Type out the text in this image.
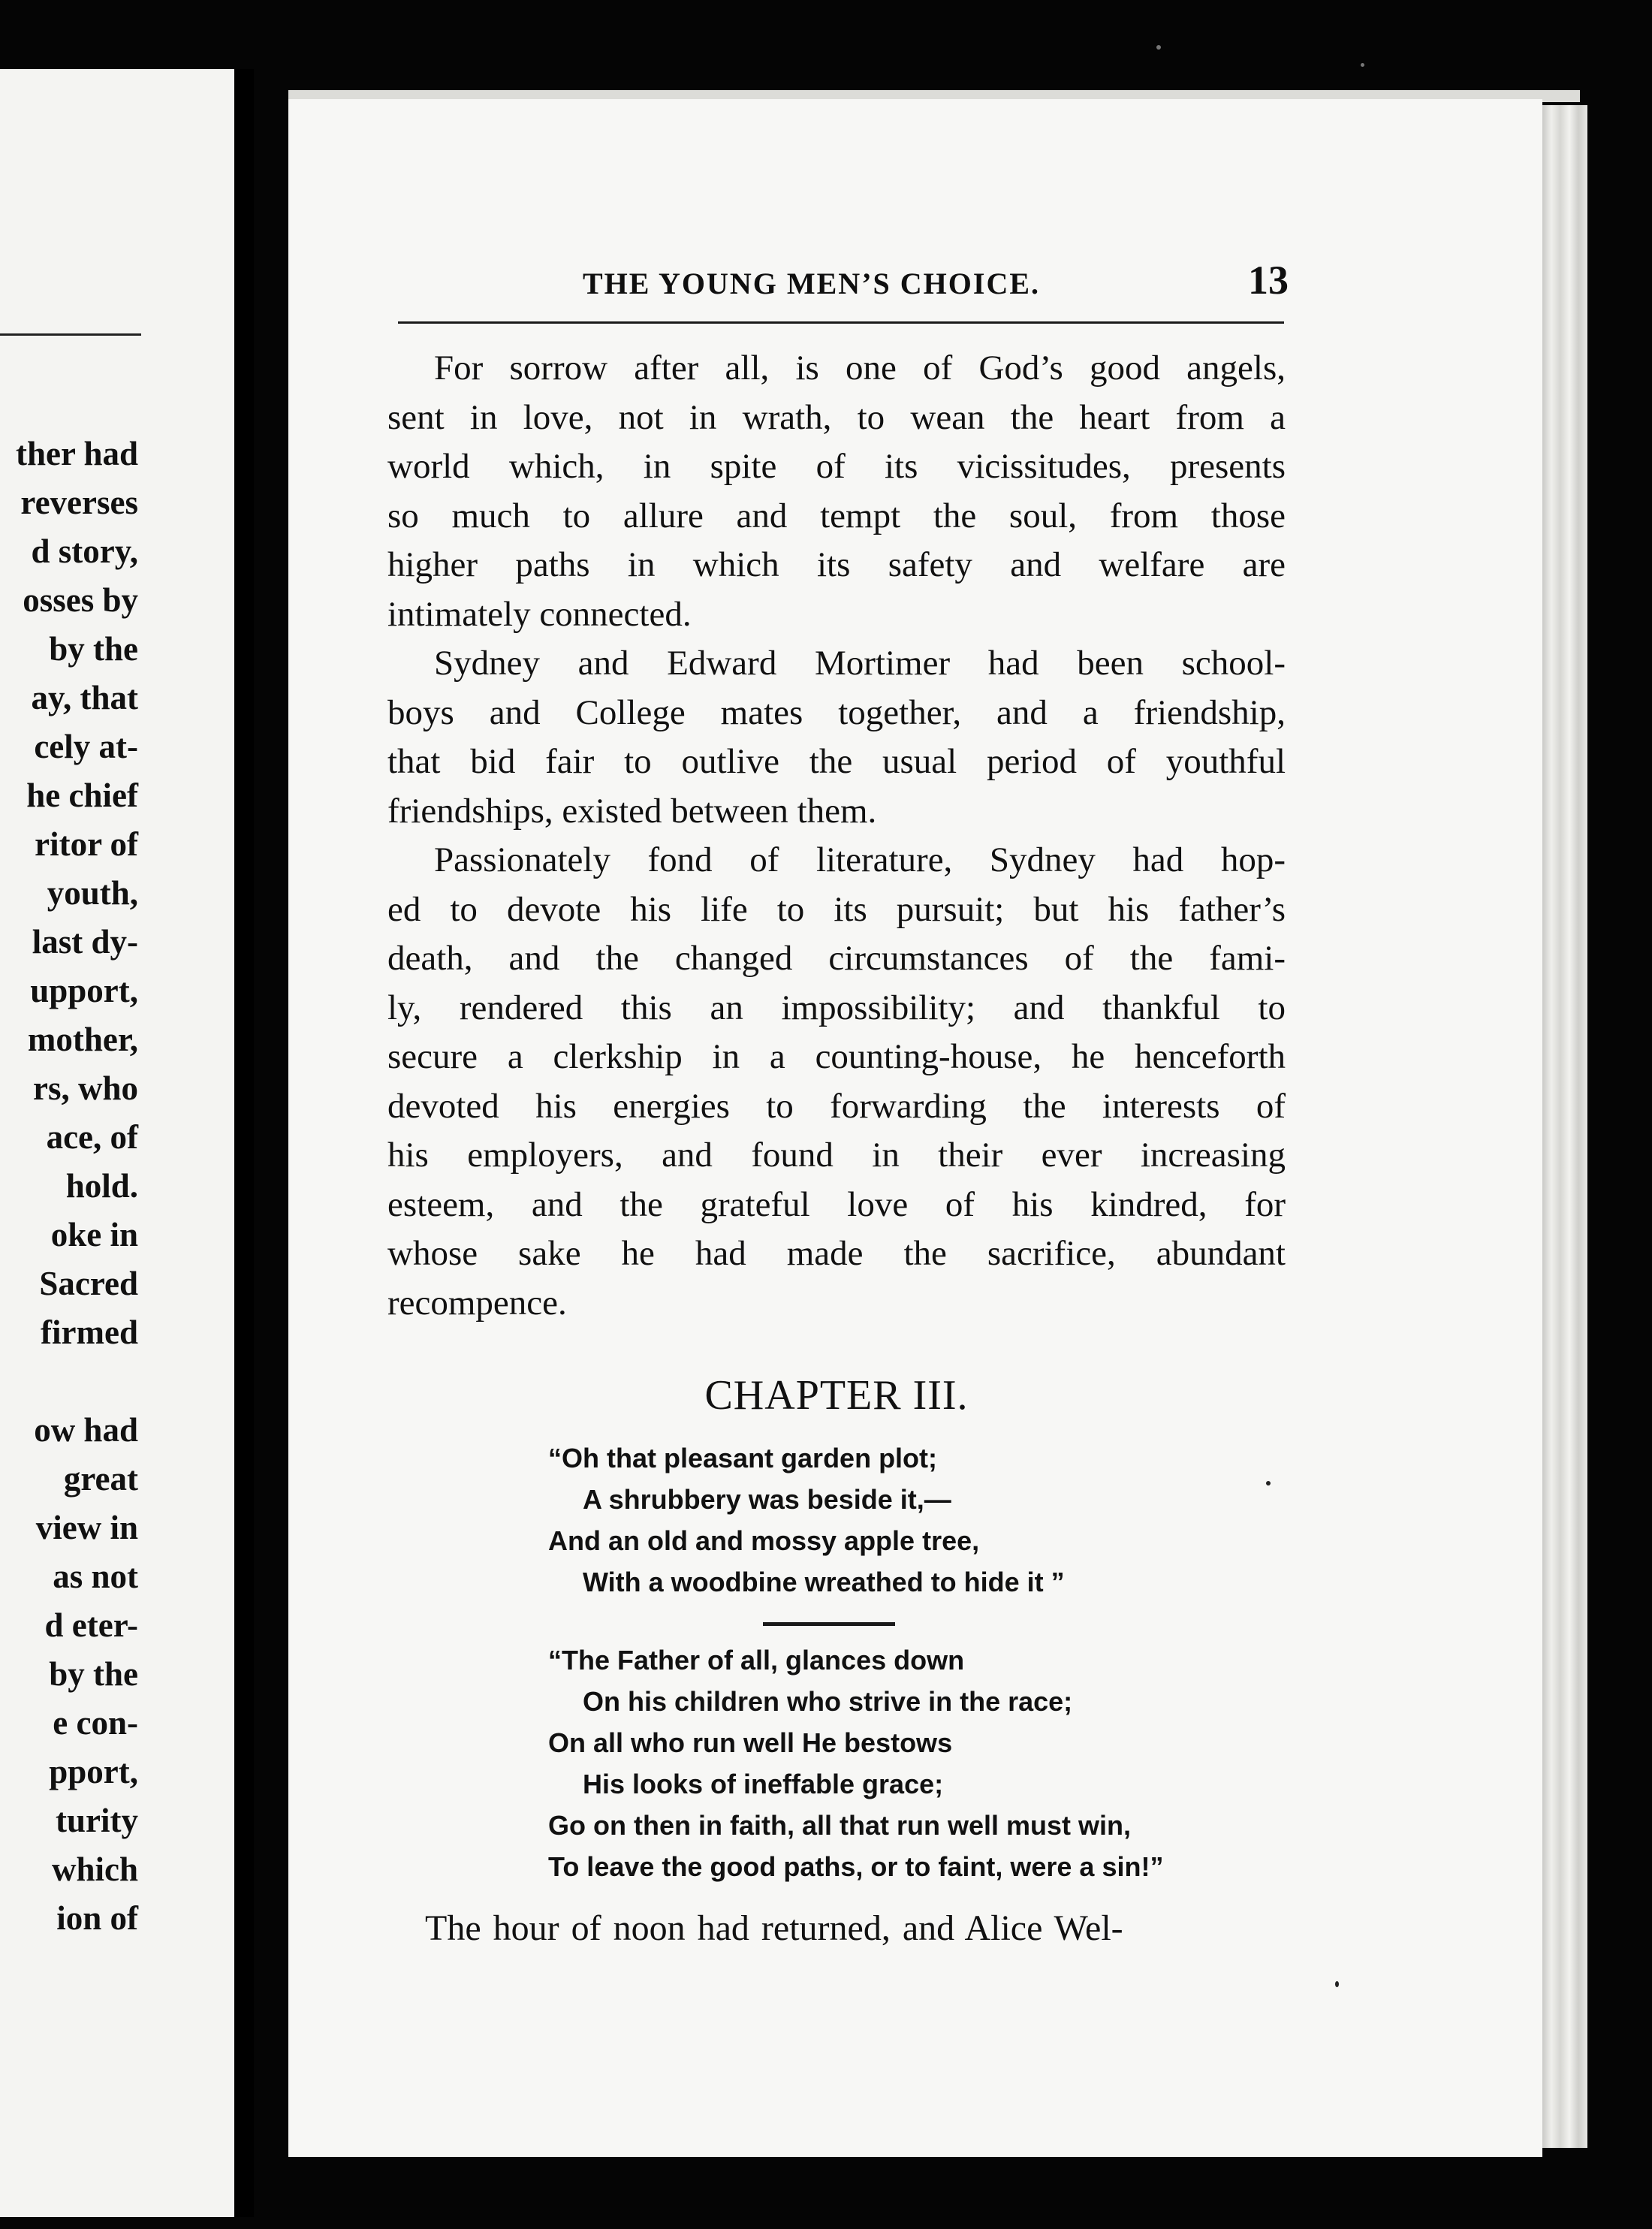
ther had
reverses
d story,
osses by
by the
ay, that
cely at-
he chief
ritor of
youth,
last dy-
upport,
mother,
rs, who
ace, of
hold.
oke in
Sacred
firmed
ow had
great
view in
as not
d eter-
by the
e con-
pport,
turity
which
ion of
THE YOUNG MEN’S CHOICE.	13

For sorrow after all, is one of God’s good angels,
sent in love, not in wrath, to wean the heart from a
world which, in spite of its vicissitudes, presents
so much to allure and tempt the soul, from those
higher paths in which its safety and welfare are
intimately connected.

Sydney and Edward Mortimer had been school-
boys and College mates together, and a friendship,
that bid fair to outlive the usual period of youthful
friendships, existed between them.

Passionately fond of literature, Sydney had hop-
ed to devote his life to its pursuit; but his father’s
death, and the changed circumstances of the fami-
ly, rendered this an impossibility; and thankful to
secure a clerkship in a counting-house, he henceforth
devoted his energies to forwarding the interests of
his employers, and found in their ever increasing
esteem, and the grateful love of his kindred, for
whose sake he had made the sacrifice, abundant
recompence.

CHAPTER III.
“Oh that pleasant garden plot;
A shrubbery was beside it,—
And an old and mossy apple tree,
With a woodbine wreathed to hide it ”
“The Father of all, glances down
On his children who strive in the race;
On all who run well He bestows
His looks of ineffable grace;
Go on then in faith, all that run well must win,
To leave the good paths, or to faint, were a sin!”
The hour of noon had returned, and Alice Wel-
